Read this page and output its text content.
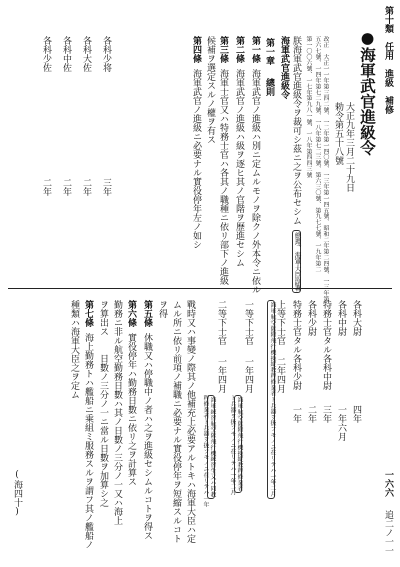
第十類　任用　進級　補修
一六六
●海軍武官進級令
大正九年三月二十九日
勅令第五十八號
改正　大正一一年第三四二號、一二年第一四〇號、一三年第一四五號、昭和二年第二四號、一三年第
五六七號、一四年第七二九號、一八年第七二三號、第六三〇號、第九七七號、一九年第二
第一〇〇六號、一七年第九八一號、一八年第四四三號
朕海軍武官進級令ヲ裁可シ茲ニ之ヲ公布セシム
總理、海軍大臣副署
海軍武官進級令
第一章
總則
第一條
海軍武官ノ進級ハ別ニ定ムルモノヲ除クノ外本令ニ依ル
第二條
海軍武官ノ進級ハ級ヲ逐ヒ其ノ官階ヲ歷進セシム
第三條
海軍士官又ハ特務士官ハ各其ノ職種ニ依リ部下ノ進級
候補ヲ選定スルノ權ヲ有ス
第四條
海軍武官ノ進級ニ必要ナル實役停年左ノ如シ
各科少将
三年
各科大佐
二年
各科中佐
二年
各科少佐
二年
各科大尉
四年
各科中尉
一年六月
特務士官タル各科中尉
三年
各科少尉
二年
特務士官タル各科少尉
一年
上等下士官
二年四月
海軍航空隊附飛行機操縦教程修業者ト兵器ヲ扱フモノニ在リテハ一年二月
一等下士官
一年四月
海軍航空隊附飛行機操縦教程修業者
ト兵器ヲ扱フモノニ在リテハ一年二月
二等下士官
一年四月
海軍練習航空隊飛行機練習生又ハ同教
程修業者ト兵器ヲ扱フモノニ在リテハ一年
戰時又ハ事變ノ際其ノ他補充上必要アルトキハ海軍大臣ハ定
ムル所ニ依リ前項ノ補職ニ必要ナル實役停年ヲ短縮スルコト
ヲ得
第五條
休職又ハ停職中ノ者ハ之ヲ進級セシムルコトヲ得ス
第六條
實役停年ハ勤務日數ニ依リ之ヲ計算ス
勤務ニ非ル航空勤務日數ハ其ノ日數ノ三分ノ一又ハ海上
ヲ算出ス　　日數ノ三分ノ一ニ當ル日數ヲ加算シ之
第七條
海上勤務トハ艦船ニ乘組ミ服務スルヲ謂フ其ノ艦船ノ
種類ハ海軍大臣之ヲ定ム
(海四十)
追二ノ一一
